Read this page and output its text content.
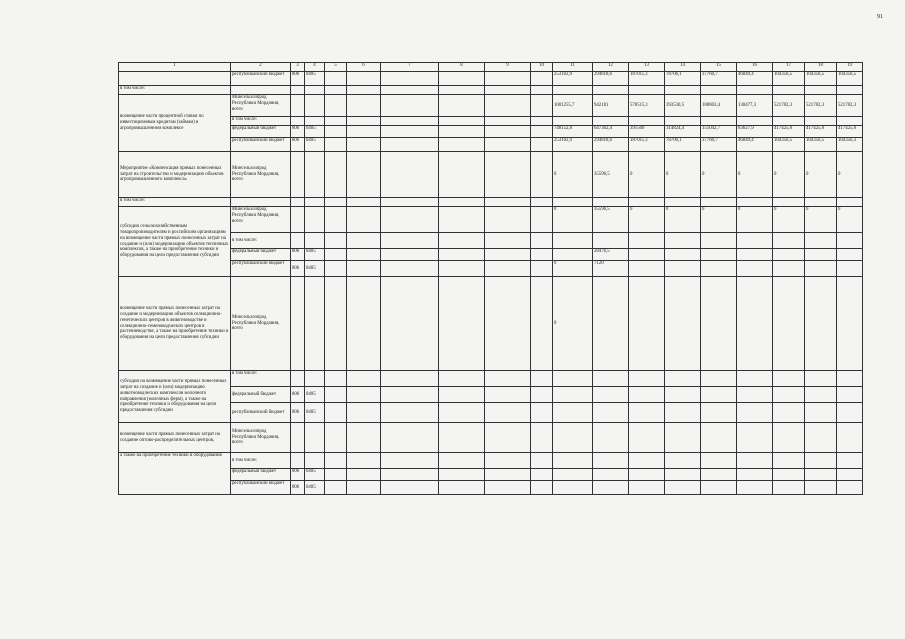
91
1	2	3	4	5	6	7	8	9	10	11	12	13	14	15	16	17	18	19
	республиканский бюджет	806	0405							253102,9	294818,6	187015,1	78706,1	37760,7	46849,4	104356,5	104356,5	104356,5
в том числе:																		
возмещение части процентной ставки по инвестиционным кредитам (займам) в агропромышленном комплексе	Минсельхозпрод Республики Мордовия, всего									1001255,7	942181	578515,1	393530,5	188803,4	130477,3	521782,3	521782,3	521782,3
	в том числе:																	
	федеральный бюджет	806	0405							748152,8	647362,4	391500	314824,4	151042,7	83627,9	417425,8	417425,8	417425,8
	республиканский бюджет	806	0405							253102,9	294818,6	187015,1	78706,1	37760,7	46849,4	104356,5	104356,5	104356,3
Мероприятие «Компенсация прямых понесенных затрат на строительство и модернизацию объектов агропромышленного комплекса»	Минсельхозпрод Республики Мордовия, всего									0	35596,5	0	0	0	0	0	0	0
в том числе:																		
субсидии сельскохозяйственным товаропроизводителям и российским организациям на возмещение части прямых понесенных затрат на создание и (или) модернизацию объектов тепличных комплексов, а также на приобретение техники и оборудования на цели предоставления субсидии	Минсельхозпрод Республики Мордовия, всего									0	35596,5	0	0	0	0	0	0	0
	в том числе:																	
	федеральный бюджет	806	0405								28476,5							
	республиканский бюджет	806	0405							0	7120							
возмещение части прямых понесенных затрат на создание и модернизацию объектов селекционно-генетических центров в животноводстве и селекционно-семеноводческих центров в растениеводстве, а также на приобретение техники и оборудования на цели предоставления субсидии	Минсельхозпрод Республики Мордовия, всего									0								
субсидии на возмещение части прямых понесенных затрат на создание и (или) модернизацию животноводческих комплексов молочного направления (молочных ферм), а также на приобретение техники и оборудования на цели предоставления субсидии	в том числе:																	
	федеральный бюджет	806	0405															
	республиканский бюджет	806	0405															
возмещение части прямых понесенных затрат на создание оптово-распределительных центров,	Минсельхозпрод Республики Мордовия, всего																	
а также на приобретение техники и оборудования	в том числе:																	
	федеральный бюджет	806	0405															
	республиканский бюджет	806	0405															
